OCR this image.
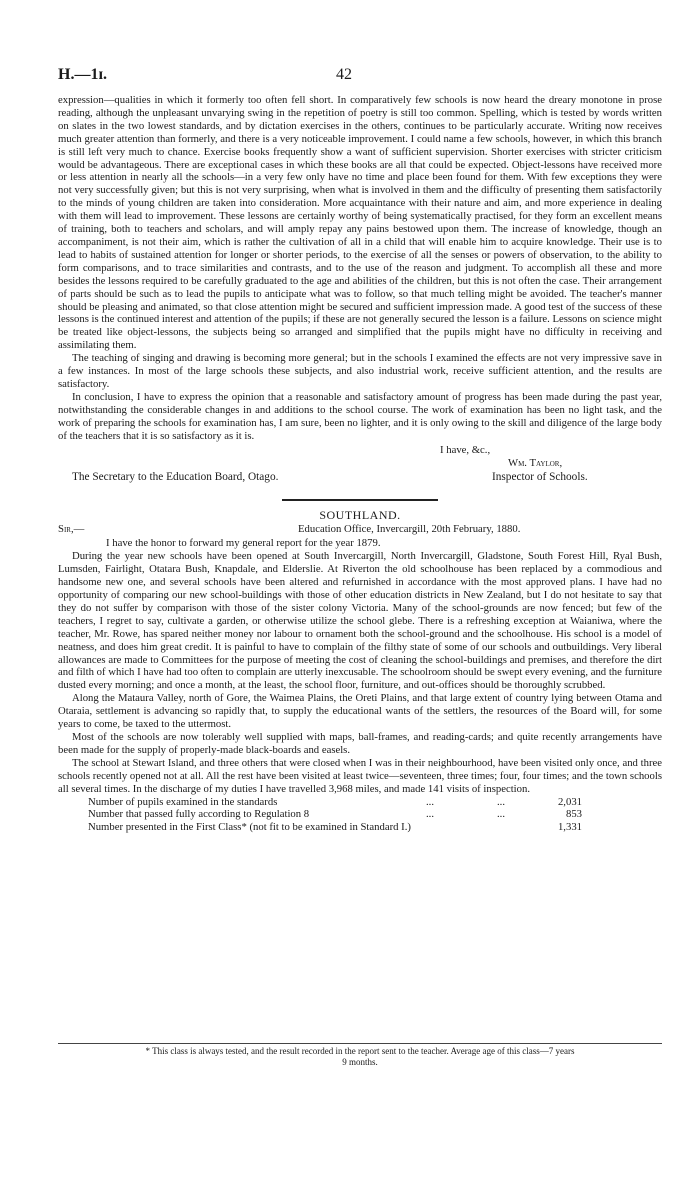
H.—1ɪ.	42

expression—qualities in which it formerly too often fell short. In comparatively few schools is now heard the dreary monotone in prose reading, although the unpleasant unvarying swing in the repetition of poetry is still too common. Spelling, which is tested by words written on slates in the two lowest standards, and by dictation exercises in the others, continues to be particularly accurate. Writing now receives much greater attention than formerly, and there is a very noticeable improvement. I could name a few schools, however, in which this branch is still left very much to chance. Exercise books frequently show a want of sufficient supervision. Shorter exercises with stricter criticism would be advantageous. There are exceptional cases in which these books are all that could be expected. Object-lessons have received more or less attention in nearly all the schools—in a very few only have no time and place been found for them. With few exceptions they were not very successfully given; but this is not very surprising, when what is involved in them and the difficulty of presenting them satisfactorily to the minds of young children are taken into consideration. More acquaintance with their nature and aim, and more experience in dealing with them will lead to improvement. These lessons are certainly worthy of being systematically practised, for they form an excellent means of training, both to teachers and scholars, and will amply repay any pains bestowed upon them. The increase of knowledge, though an accompaniment, is not their aim, which is rather the cultivation of all in a child that will enable him to acquire knowledge. Their use is to lead to habits of sustained attention for longer or shorter periods, to the exercise of all the senses or powers of observation, to the ability to form comparisons, and to trace similarities and contrasts, and to the use of the reason and judgment. To accomplish all these and more besides the lessons required to be carefully graduated to the age and abilities of the children, but this is not often the case. Their arrangement of parts should be such as to lead the pupils to anticipate what was to follow, so that much telling might be avoided. The teacher's manner should be pleasing and animated, so that close attention might be secured and sufficient impression made. A good test of the success of these lessons is the continued interest and attention of the pupils; if these are not generally secured the lesson is a failure. Lessons on science might be treated like object-lessons, the subjects being so arranged and simplified that the pupils might have no difficulty in receiving and assimilating them.

The teaching of singing and drawing is becoming more general; but in the schools I examined the effects are not very impressive save in a few instances. In most of the large schools these subjects, and also industrial work, receive sufficient attention, and the results are satisfactory.

In conclusion, I have to express the opinion that a reasonable and satisfactory amount of progress has been made during the past year, notwithstanding the considerable changes in and additions to the school course. The work of examination has been no light task, and the work of preparing the schools for examination has, I am sure, been no lighter, and it is only owing to the skill and diligence of the large body of the teachers that it is so satisfactory as it is.

I have, &c.,
Wm. Taylor,
The Secretary to the Education Board, Otago.	Inspector of Schools.
SOUTHLAND.
Sir,—	Education Office, Invercargill, 20th February, 1880.

I have the honor to forward my general report for the year 1879.

During the year new schools have been opened at South Invercargill, North Invercargill, Gladstone, South Forest Hill, Ryal Bush, Lumsden, Fairlight, Otatara Bush, Knapdale, and Elderslie. At Riverton the old schoolhouse has been replaced by a commodious and handsome new one, and several schools have been altered and refurnished in accordance with the most approved plans. I have had no opportunity of comparing our new school-buildings with those of other education districts in New Zealand, but I do not hesitate to say that they do not suffer by comparison with those of the sister colony Victoria. Many of the school-grounds are now fenced; but few of the teachers, I regret to say, cultivate a garden, or otherwise utilize the school glebe. There is a refreshing exception at Waianiwa, where the teacher, Mr. Rowe, has spared neither money nor labour to ornament both the school-ground and the schoolhouse. His school is a model of neatness, and does him great credit. It is painful to have to complain of the filthy state of some of our schools and outbuildings. Very liberal allowances are made to Committees for the purpose of meeting the cost of cleaning the school-buildings and premises, and therefore the dirt and filth of which I have had too often to complain are utterly inexcusable. The schoolroom should be swept every evening, and the furniture dusted every morning; and once a month, at the least, the school floor, furniture, and out-offices should be thoroughly scrubbed.

Along the Mataura Valley, north of Gore, the Waimea Plains, the Oreti Plains, and that large extent of country lying between Otama and Otaraia, settlement is advancing so rapidly that, to supply the educational wants of the settlers, the resources of the Board will, for some years to come, be taxed to the uttermost.

Most of the schools are now tolerably well supplied with maps, ball-frames, and reading-cards; and quite recently arrangements have been made for the supply of properly-made black-boards and easels.

The school at Stewart Island, and three others that were closed when I was in their neighbourhood, have been visited only once, and three schools recently opened not at all. All the rest have been visited at least twice—seventeen, three times; four, four times; and the town schools all several times. In the discharge of my duties I have travelled 3,968 miles, and made 141 visits of inspection.

Number of pupils examined in the standards	...	...	2,031
Number that passed fully according to Regulation 8	...	...	853
Number presented in the First Class* (not fit to be examined in Standard I.)	1,331
* This class is always tested, and the result recorded in the report sent to the teacher. Average age of this class—7 years
9 months.
